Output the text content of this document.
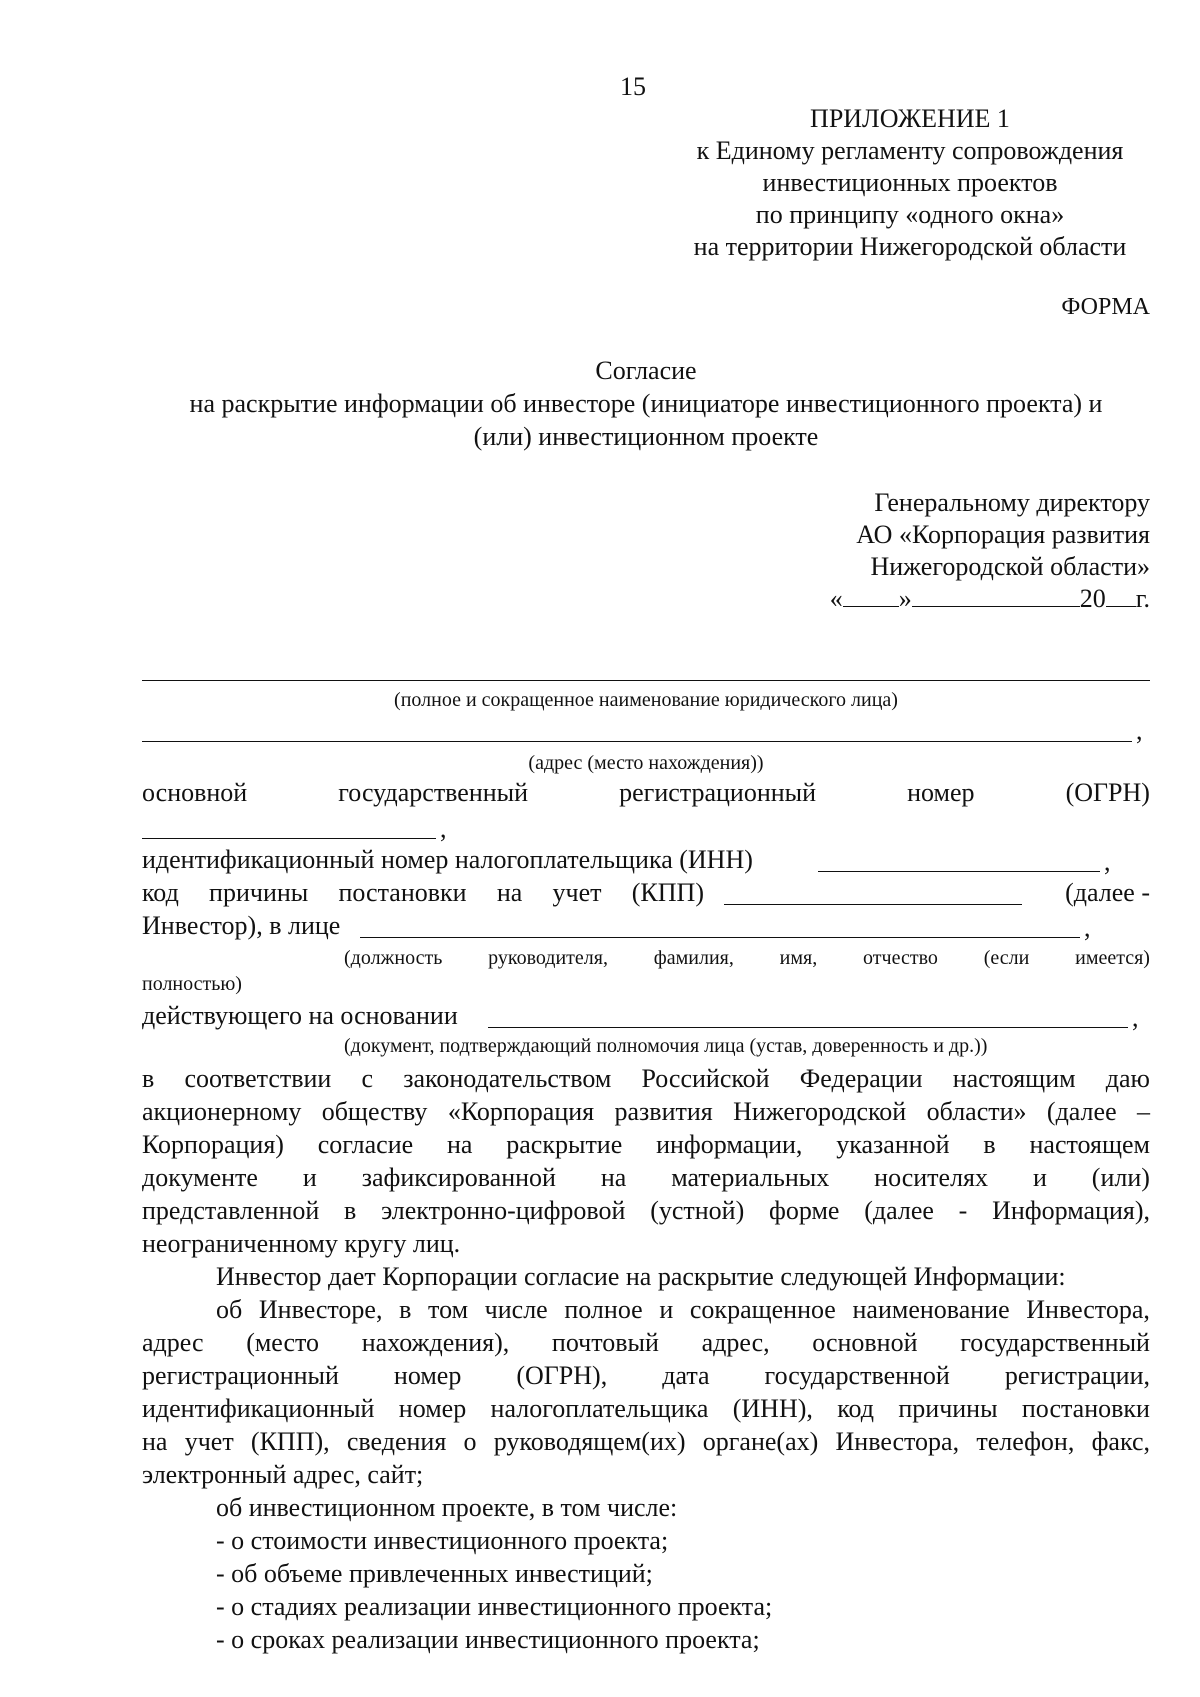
15
ПРИЛОЖЕНИЕ 1
к Единому регламенту сопровождения
инвестиционных проектов
по принципу «одного окна»
на территории Нижегородской области
ФОРМА
Согласие
на раскрытие информации об инвесторе (инициаторе инвестиционного проекта) и
(или) инвестиционном проекте
Генеральному директору
АО «Корпорация развития
Нижегородской области»
« »	20 г.
(полное и сокращенное наименование юридического лица)
,
(адрес (место нахождения))
основной	государственный	регистрационный	номер	(ОГРН)
,
идентификационный номер налогоплательщика (ИНН)	,
код причины постановки на учет (КПП)	(далее -
Инвестор), в лице	,
(должность руководителя, фамилия, имя, отчество (если имеется)
полностью)
действующего на основании	,
(документ, подтверждающий полномочия лица (устав, доверенность и др.))
в соответствии с законодательством Российской Федерации настоящим даю
акционерному обществу «Корпорация развития Нижегородской области» (далее –
Корпорация) согласие на раскрытие информации, указанной в настоящем
документе и зафиксированной на материальных носителях и (или)
представленной в электронно-цифровой (устной) форме (далее - Информация),
неограниченному кругу лиц.
Инвестор дает Корпорации согласие на раскрытие следующей Информации:
об Инвесторе, в том числе полное и сокращенное наименование Инвестора,
адрес (место нахождения), почтовый адрес, основной государственный
регистрационный номер (ОГРН), дата государственной регистрации,
идентификационный номер налогоплательщика (ИНН), код причины постановки
на учет (КПП), сведения о руководящем(их) органе(ах) Инвестора, телефон, факс,
электронный адрес, сайт;
об инвестиционном проекте, в том числе:
- о стоимости инвестиционного проекта;
- об объеме привлеченных инвестиций;
- о стадиях реализации инвестиционного проекта;
- о сроках реализации инвестиционного проекта;
